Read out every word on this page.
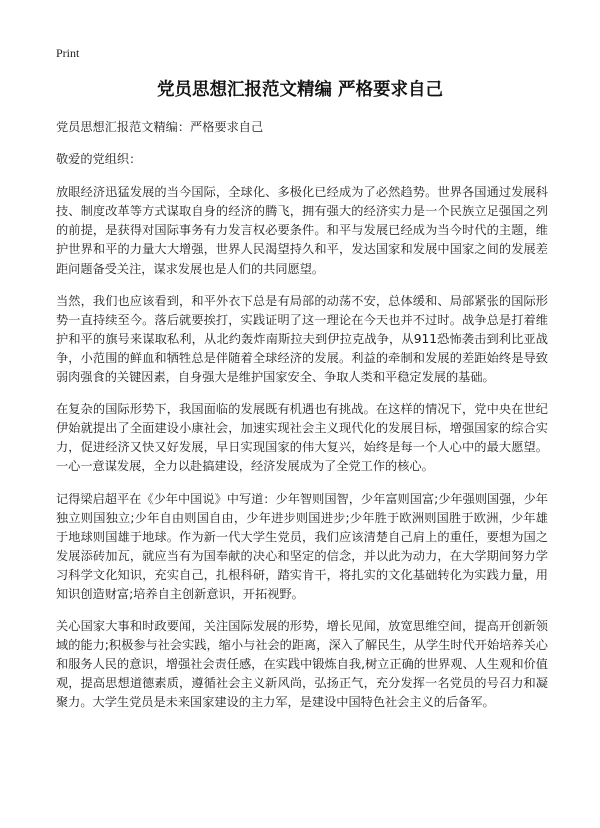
Print
党员思想汇报范文精编 严格要求自己

党员思想汇报范文精编：严格要求自己

敬爱的党组织：

放眼经济迅猛发展的当今国际，全球化、多极化已经成为了必然趋势。世界各国通过发展科技、制度改革等方式谋取自身的经济的腾飞，拥有强大的经济实力是一个民族立足强国之列的前提，是获得对国际事务有力发言权必要条件。和平与发展已经成为当今时代的主题，维护世界和平的力量大大增强，世界人民渴望持久和平，发达国家和发展中国家之间的发展差距问题备受关注，谋求发展也是人们的共同愿望。

当然，我们也应该看到，和平外衣下总是有局部的动荡不安，总体缓和、局部紧张的国际形势一直持续至今。落后就要挨打，实践证明了这一理论在今天也并不过时。战争总是打着维护和平的旗号来谋取私利，从北约轰炸南斯拉夫到伊拉克战争，从911恐怖袭击到利比亚战争，小范围的鲜血和牺牲总是伴随着全球经济的发展。利益的牵制和发展的差距始终是导致弱肉强食的关键因素，自身强大是维护国家安全、争取人类和平稳定发展的基础。

在复杂的国际形势下，我国面临的发展既有机遇也有挑战。在这样的情况下，党中央在世纪伊始就提出了全面建设小康社会，加速实现社会主义现代化的发展目标，增强国家的综合实力，促进经济又快又好发展，早日实现国家的伟大复兴，始终是每一个人心中的最大愿望。一心一意谋发展，全力以赴搞建设，经济发展成为了全党工作的核心。

记得梁启超平在《少年中国说》中写道：少年智则国智，少年富则国富;少年强则国强，少年独立则国独立;少年自由则国自由，少年进步则国进步;少年胜于欧洲则国胜于欧洲，少年雄于地球则国雄于地球。作为新一代大学生党员，我们应该清楚自己肩上的重任，要想为国之发展添砖加瓦，就应当有为国奉献的决心和坚定的信念，并以此为动力，在大学期间努力学习科学文化知识，充实自己，扎根科研，踏实肯干，将扎实的文化基础转化为实践力量，用知识创造财富;培养自主创新意识，开拓视野。

关心国家大事和时政要闻，关注国际发展的形势，增长见闻，放宽思维空间，提高开创新领域的能力;积极参与社会实践，缩小与社会的距离，深入了解民生，从学生时代开始培养关心和服务人民的意识，增强社会责任感，在实践中锻炼自我,树立正确的世界观、人生观和价值观，提高思想道德素质，遵循社会主义新风尚，弘扬正气，充分发挥一名党员的号召力和凝聚力。大学生党员是未来国家建设的主力军，是建设中国特色社会主义的后备军。
